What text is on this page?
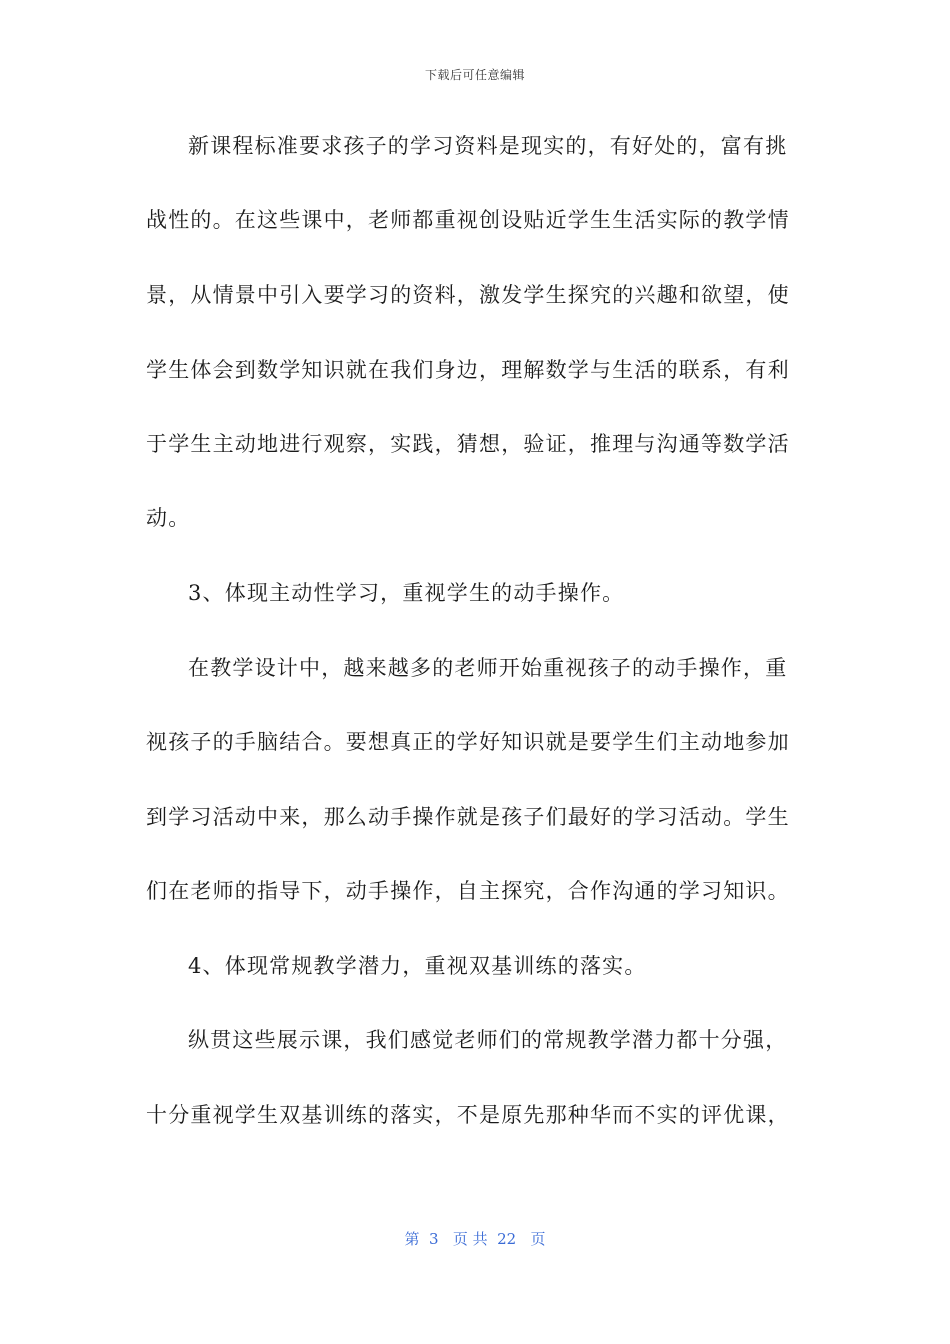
下载后可任意编辑
新课程标准要求孩子的学习资料是现实的，有好处的，富有挑
战性的。在这些课中，老师都重视创设贴近学生生活实际的教学情
景，从情景中引入要学习的资料，激发学生探究的兴趣和欲望，使
学生体会到数学知识就在我们身边，理解数学与生活的联系，有利
于学生主动地进行观察，实践，猜想，验证，推理与沟通等数学活
动。
3、体现主动性学习，重视学生的动手操作。
在教学设计中，越来越多的老师开始重视孩子的动手操作，重
视孩子的手脑结合。要想真正的学好知识就是要学生们主动地参加
到学习活动中来，那么动手操作就是孩子们最好的学习活动。学生
们在老师的指导下，动手操作，自主探究，合作沟通的学习知识。
4、体现常规教学潜力，重视双基训练的落实。
纵贯这些展示课，我们感觉老师们的常规教学潜力都十分强，
十分重视学生双基训练的落实，不是原先那种华而不实的评优课，
第  3   页 共  22   页
